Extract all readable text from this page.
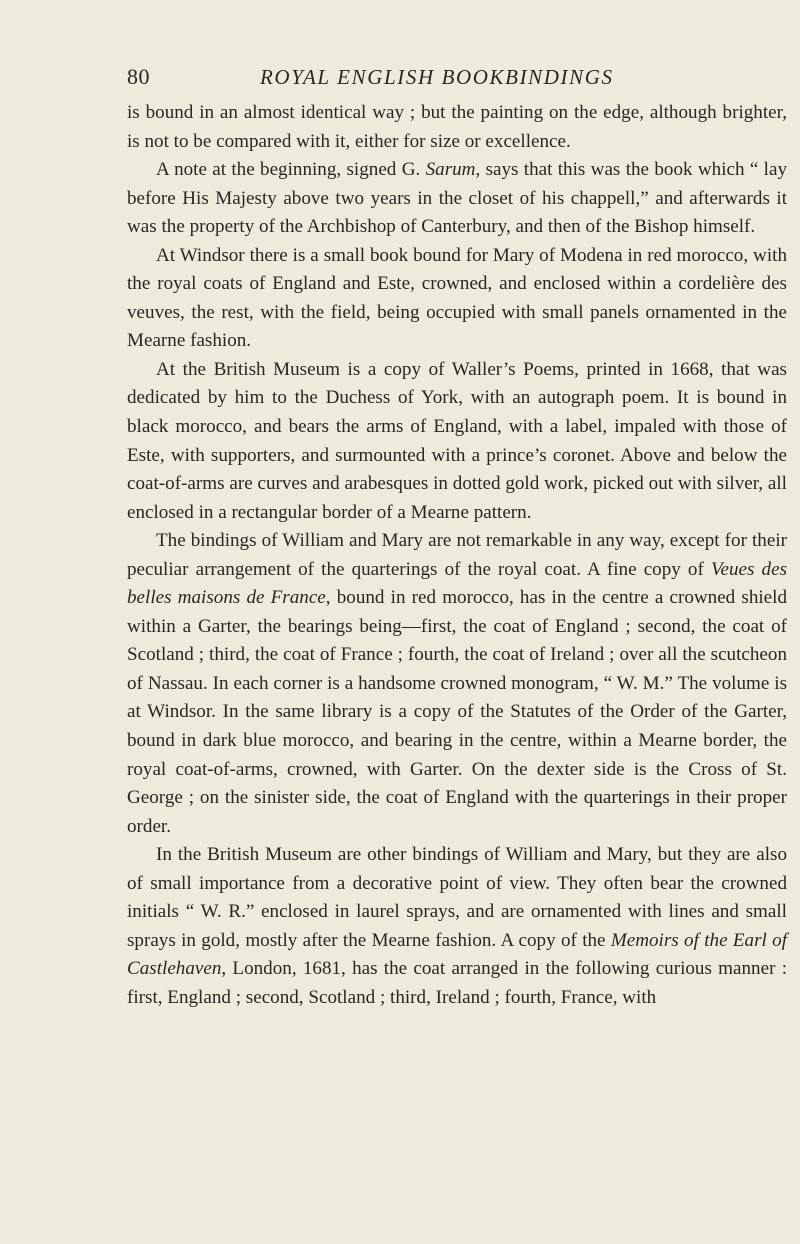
80	ROYAL ENGLISH BOOKBINDINGS

is bound in an almost identical way ; but the painting on the edge, although brighter, is not to be compared with it, either for size or excellence.

A note at the beginning, signed G. Sarum, says that this was the book which “ lay before His Majesty above two years in the closet of his chappell,” and afterwards it was the property of the Archbishop of Canterbury, and then of the Bishop himself.

At Windsor there is a small book bound for Mary of Modena in red morocco, with the royal coats of England and Este, crowned, and enclosed within a cordelière des veuves, the rest, with the field, being occupied with small panels ornamented in the Mearne fashion.

At the British Museum is a copy of Waller’s Poems, printed in 1668, that was dedicated by him to the Duchess of York, with an autograph poem. It is bound in black morocco, and bears the arms of England, with a label, impaled with those of Este, with supporters, and surmounted with a prince’s coronet. Above and below the coat-of-arms are curves and arabesques in dotted gold work, picked out with silver, all enclosed in a rectangular border of a Mearne pattern.

The bindings of William and Mary are not remarkable in any way, except for their peculiar arrangement of the quarterings of the royal coat. A fine copy of Veues des belles maisons de France, bound in red morocco, has in the centre a crowned shield within a Garter, the bearings being—first, the coat of England ; second, the coat of Scotland ; third, the coat of France ; fourth, the coat of Ireland ; over all the scutcheon of Nassau. In each corner is a handsome crowned monogram, “ W. M.” The volume is at Windsor. In the same library is a copy of the Statutes of the Order of the Garter, bound in dark blue morocco, and bearing in the centre, within a Mearne border, the royal coat-of-arms, crowned, with Garter. On the dexter side is the Cross of St. George ; on the sinister side, the coat of England with the quarterings in their proper order.

In the British Museum are other bindings of William and Mary, but they are also of small importance from a decorative point of view. They often bear the crowned initials “ W. R.” enclosed in laurel sprays, and are ornamented with lines and small sprays in gold, mostly after the Mearne fashion. A copy of the Memoirs of the Earl of Castlehaven, London, 1681, has the coat arranged in the following curious manner : first, England ; second, Scotland ; third, Ireland ; fourth, France, with
